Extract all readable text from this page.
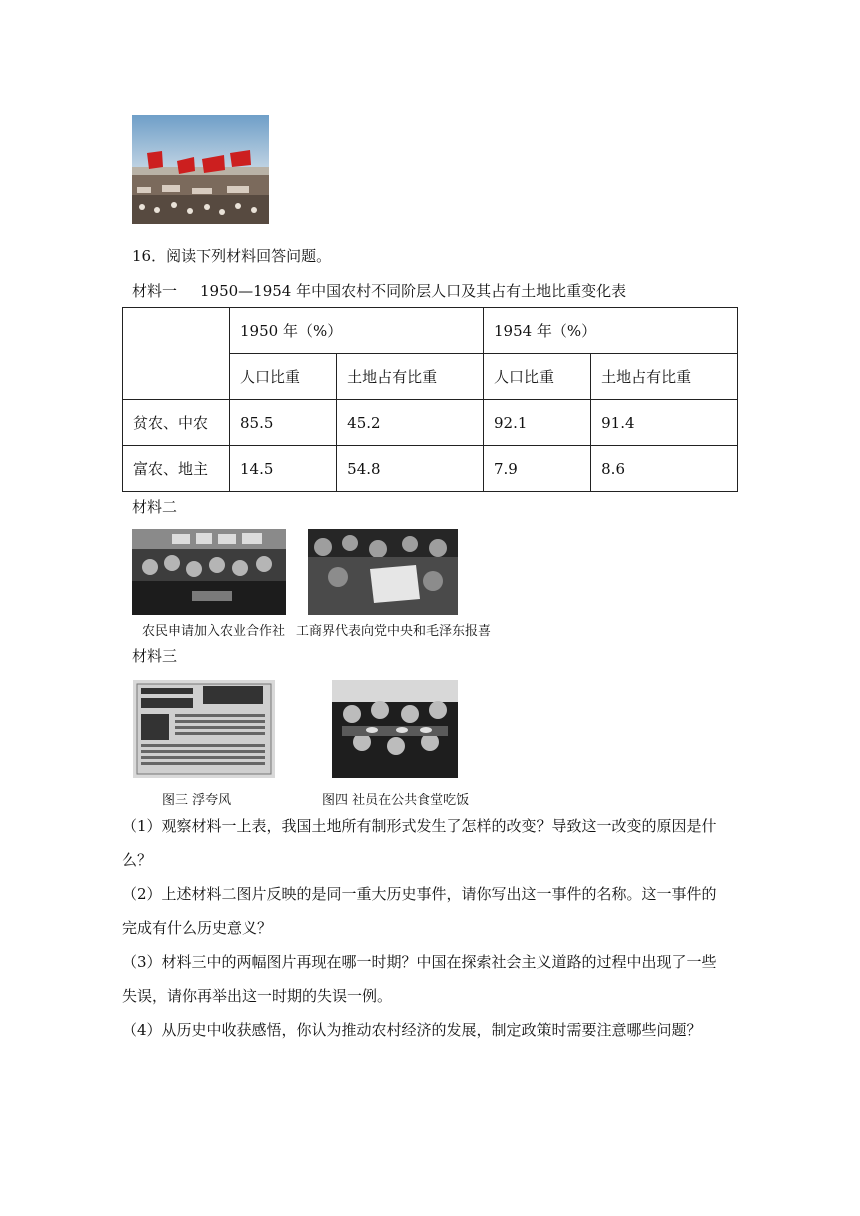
16．阅读下列材料回答问题。
材料一 1950—1954 年中国农村不同阶层人口及其占有土地比重变化表
	1950 年（%）		1954 年（%）	
	人口比重	土地占有比重	人口比重	土地占有比重
贫农、中农	85.5	45.2	92.1	91.4
富农、地主	14.5	54.8	7.9	8.6
材料二
农民申请加入农业合作社 工商界代表向党中央和毛泽东报喜
材料三
图三 浮夸风	图四 社员在公共食堂吃饭
（1）观察材料一上表，我国土地所有制形式发生了怎样的改变？导致这一改变的原因是什
么？
（2）上述材料二图片反映的是同一重大历史事件，请你写出这一事件的名称。这一事件的
完成有什么历史意义？
（3）材料三中的两幅图片再现在哪一时期？中国在探索社会主义道路的过程中出现了一些
失误，请你再举出这一时期的失误一例。
（4）从历史中收获感悟，你认为推动农村经济的发展，制定政策时需要注意哪些问题？
